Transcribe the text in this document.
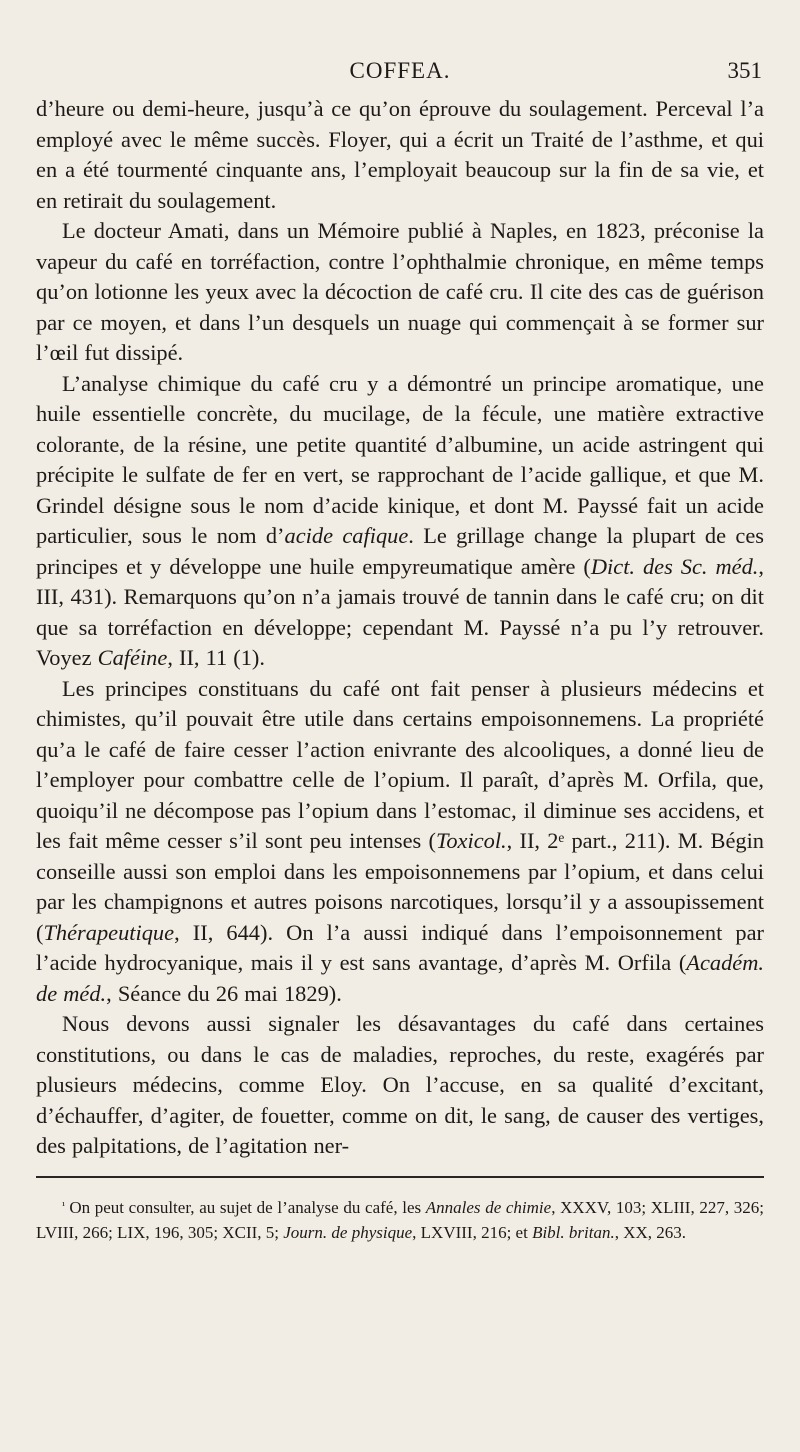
COFFEA.	351

d’heure ou demi-heure, jusqu’à ce qu’on éprouve du soulagement. Perceval l’a employé avec le même succès. Floyer, qui a écrit un Traité de l’asthme, et qui en a été tourmenté cinquante ans, l’employait beaucoup sur la fin de sa vie, et en retirait du soulagement.

Le docteur Amati, dans un Mémoire publié à Naples, en 1823, préconise la vapeur du café en torréfaction, contre l’ophthalmie chronique, en même temps qu’on lotionne les yeux avec la décoction de café cru. Il cite des cas de guérison par ce moyen, et dans l’un desquels un nuage qui commençait à se former sur l’œil fut dissipé.

L’analyse chimique du café cru y a démontré un principe aromatique, une huile essentielle concrète, du mucilage, de la fécule, une matière extractive colorante, de la résine, une petite quantité d’albumine, un acide astringent qui précipite le sulfate de fer en vert, se rapprochant de l’acide gallique, et que M. Grindel désigne sous le nom d’acide kinique, et dont M. Payssé fait un acide particulier, sous le nom d’acide cafique. Le grillage change la plupart de ces principes et y développe une huile empyreumatique amère (Dict. des Sc. méd., III, 431). Remarquons qu’on n’a jamais trouvé de tannin dans le café cru; on dit que sa torréfaction en développe; cependant M. Payssé n’a pu l’y retrouver. Voyez Caféine, II, 11 (1).

Les principes constituans du café ont fait penser à plusieurs médecins et chimistes, qu’il pouvait être utile dans certains empoisonnemens. La propriété qu’a le café de faire cesser l’action enivrante des alcooliques, a donné lieu de l’employer pour combattre celle de l’opium. Il paraît, d’après M. Orfila, que, quoiqu’il ne décompose pas l’opium dans l’estomac, il diminue ses accidens, et les fait même cesser s’il sont peu intenses (Toxicol., II, 2ᵉ part., 211). M. Bégin conseille aussi son emploi dans les empoisonnemens par l’opium, et dans celui par les champignons et autres poisons narcotiques, lorsqu’il y a assoupissement (Thérapeutique, II, 644). On l’a aussi indiqué dans l’empoisonnement par l’acide hydrocyanique, mais il y est sans avantage, d’après M. Orfila (Académ. de méd., Séance du 26 mai 1829).

Nous devons aussi signaler les désavantages du café dans certaines constitutions, ou dans le cas de maladies, reproches, du reste, exagérés par plusieurs médecins, comme Eloy. On l’accuse, en sa qualité d’excitant, d’échauffer, d’agiter, de fouetter, comme on dit, le sang, de causer des vertiges, des palpitations, de l’agitation ner-

$^{^1}$ On peut consulter, au sujet de l’analyse du café, les Annales de chimie, XXXV, 103; XLIII, 227, 326; LVIII, 266; LIX, 196, 305; XCII, 5; Journ. de physique, LXVIII, 216; et Bibl. britan., XX, 263.
